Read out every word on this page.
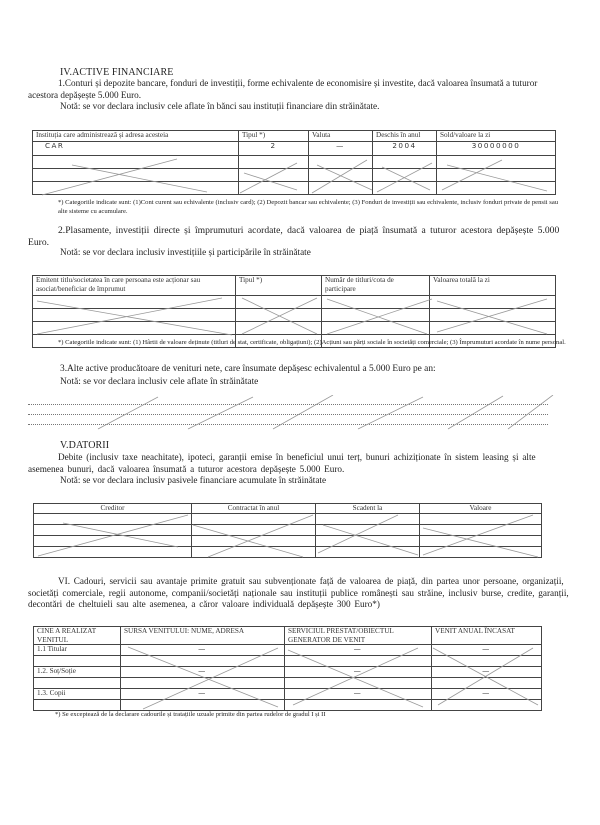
IV.ACTIVE FINANCIARE
1.Conturi și depozite bancare, fonduri de investiții, forme echivalente de economisire și investite, dacă valoarea însumată a tuturor acestora depășește 5.000 Euro.
Notă: se vor declara inclusiv cele aflate în bănci sau instituții financiare din străinătate.
Instituția care administrează și adresa acesteia	Tipul *)	Valuta	Deschis în anul	Sold/valoare la zi
CAR	2	—	2004	30000000

*) Categoriile indicate sunt: (1)Cont curent sau echivalente (inclusiv card); (2) Depozit bancar sau echivalente; (3) Fonduri de investiții sau echivalente, inclusiv fonduri private de pensii sau alte sisteme cu acumulare.
2.Plasamente, investiții directe și împrumuturi acordate, dacă valoarea de piață însumată a tuturor acestora depășește 5.000 Euro.
Notă: se vor declara inclusiv investițiile și participările în străinătate
Emitent titlu/societatea în care persoana este acționar sau asociat/beneficiar de împrumut	Tipul *)	Număr de titluri/cota de participare	Valoarea totală la zi

*) Categoriile indicate sunt: (1) Hârtii de valoare deținute (titluri de stat, certificate, obligațiuni); (2)Acțiuni sau părți sociale în societăți comerciale; (3) Împrumuturi acordate în nume personal.
3.Alte active producătoare de venituri nete, care însumate depășesc echivalentul a 5.000 Euro pe an:
Notă: se vor declara inclusiv cele aflate în străinătate
V.DATORII
Debite (inclusiv taxe neachitate), ipoteci, garanții emise în beneficiul unui terț, bunuri achiziționate în sistem leasing și alte asemenea bunuri, dacă valoarea însumată a tuturor acestora depășește 5.000 Euro.
Notă: se vor declara inclusiv pasivele financiare acumulate în străinătate
Creditor	Contractat în anul	Scadent la	Valoare

VI. Cadouri, servicii sau avantaje primite gratuit sau subvenționate față de valoarea de piață, din partea unor persoane, organizații, societăți comerciale, regii autonome, companii/societăți naționale sau instituții publice românești sau străine, inclusiv burse, credite, garanții, decontări de cheltuieli sau alte asemenea, a căror valoare individuală depășește 300 Euro*)
CINE A REALIZAT VENITUL	SURSA VENITULUI: NUME, ADRESA	SERVICIUL PRESTAT/OBIECTUL GENERATOR DE VENIT	VENIT ANUAL ÎNCASAT
1.1 Titular	—	—	—

1.2. Soț/Soție	—	—	—

1.3. Copii	—	—	—

*) Se exceptează de la declarare cadourile și tratațiile uzuale primite din partea rudelor de gradul I și II
